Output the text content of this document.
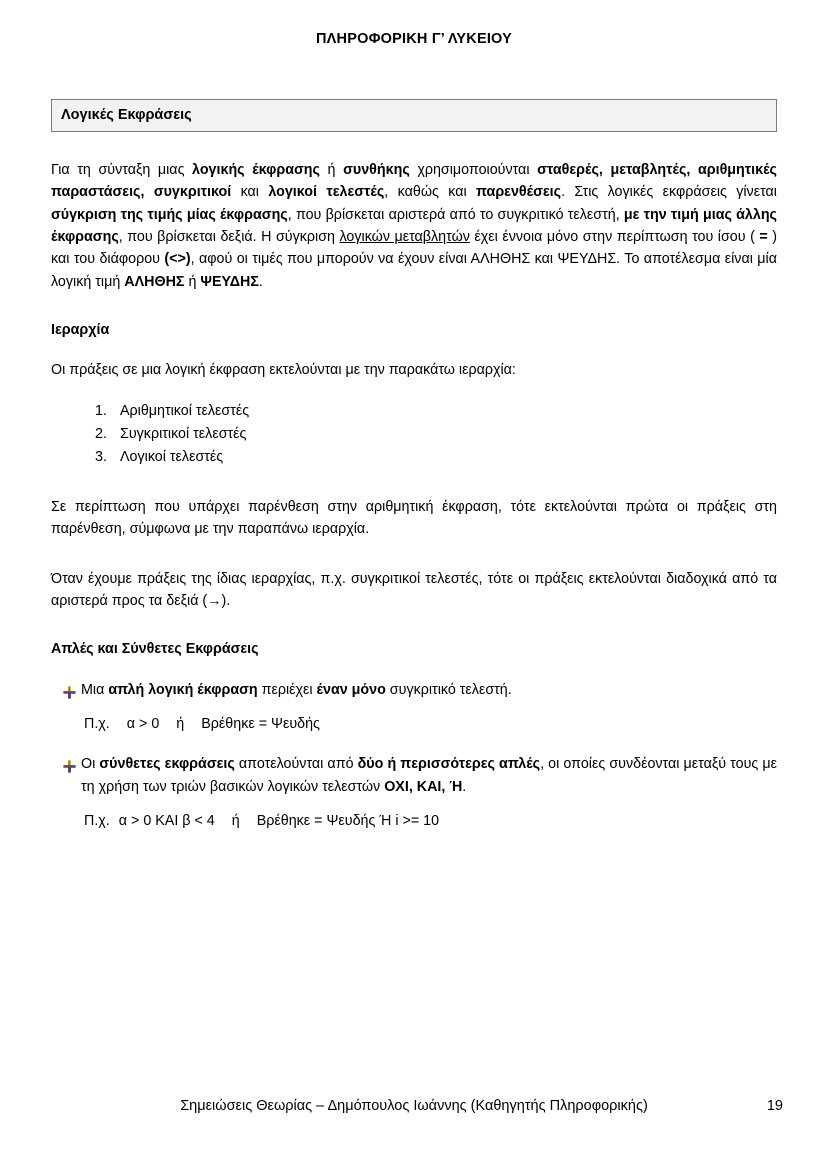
ΠΛΗΡΟΦΟΡΙΚΗ Γ’ ΛΥΚΕΙΟΥ
Λογικές Εκφράσεις

Για τη σύνταξη μιας λογικής έκφρασης ή συνθήκης χρησιμοποιούνται σταθερές, μεταβλητές, αριθμητικές παραστάσεις, συγκριτικοί και λογικοί τελεστές, καθώς και παρενθέσεις. Στις λογικές εκφράσεις γίνεται σύγκριση της τιμής μίας έκφρασης, που βρίσκεται αριστερά από το συγκριτικό τελεστή, με την τιμή μιας άλλης έκφρασης, που βρίσκεται δεξιά. Η σύγκριση λογικών μεταβλητών έχει έννοια μόνο στην περίπτωση του ίσου ( = ) και του διάφορου (<>), αφού οι τιμές που μπορούν να έχουν είναι ΑΛΗΘΗΣ και ΨΕΥΔΗΣ. Το αποτέλεσμα είναι μία λογική τιμή ΑΛΗΘΗΣ ή ΨΕΥΔΗΣ.

Ιεραρχία

Οι πράξεις σε μια λογική έκφραση εκτελούνται με την παρακάτω ιεραρχία:

1. Αριθμητικοί τελεστές
2. Συγκριτικοί τελεστές
3. Λογικοί τελεστές

Σε περίπτωση που υπάρχει παρένθεση στην αριθμητική έκφραση, τότε εκτελούνται πρώτα οι πράξεις στη παρένθεση, σύμφωνα με την παραπάνω ιεραρχία.

Όταν έχουμε πράξεις της ίδιας ιεραρχίας, π.χ. συγκριτικοί τελεστές, τότε οι πράξεις εκτελούνται διαδοχικά από τα αριστερά προς τα δεξιά (→).

Απλές και Σύνθετες Εκφράσεις
Μια απλή λογική έκφραση περιέχει έναν μόνο συγκριτικό τελεστή.
Π.χ. α > 0 ή Βρέθηκε = Ψευδής
Οι σύνθετες εκφράσεις αποτελούνται από δύο ή περισσότερες απλές, οι οποίες συνδέονται μεταξύ τους με τη χρήση των τριών βασικών λογικών τελεστών ΟΧΙ, ΚΑΙ, Ή.
Π.χ. α > 0 ΚΑΙ β < 4 ή Βρέθηκε = Ψευδής Ή i >= 10
Σημειώσεις Θεωρίας – Δημόπουλος Ιωάννης (Καθηγητής Πληροφορικής)	19
